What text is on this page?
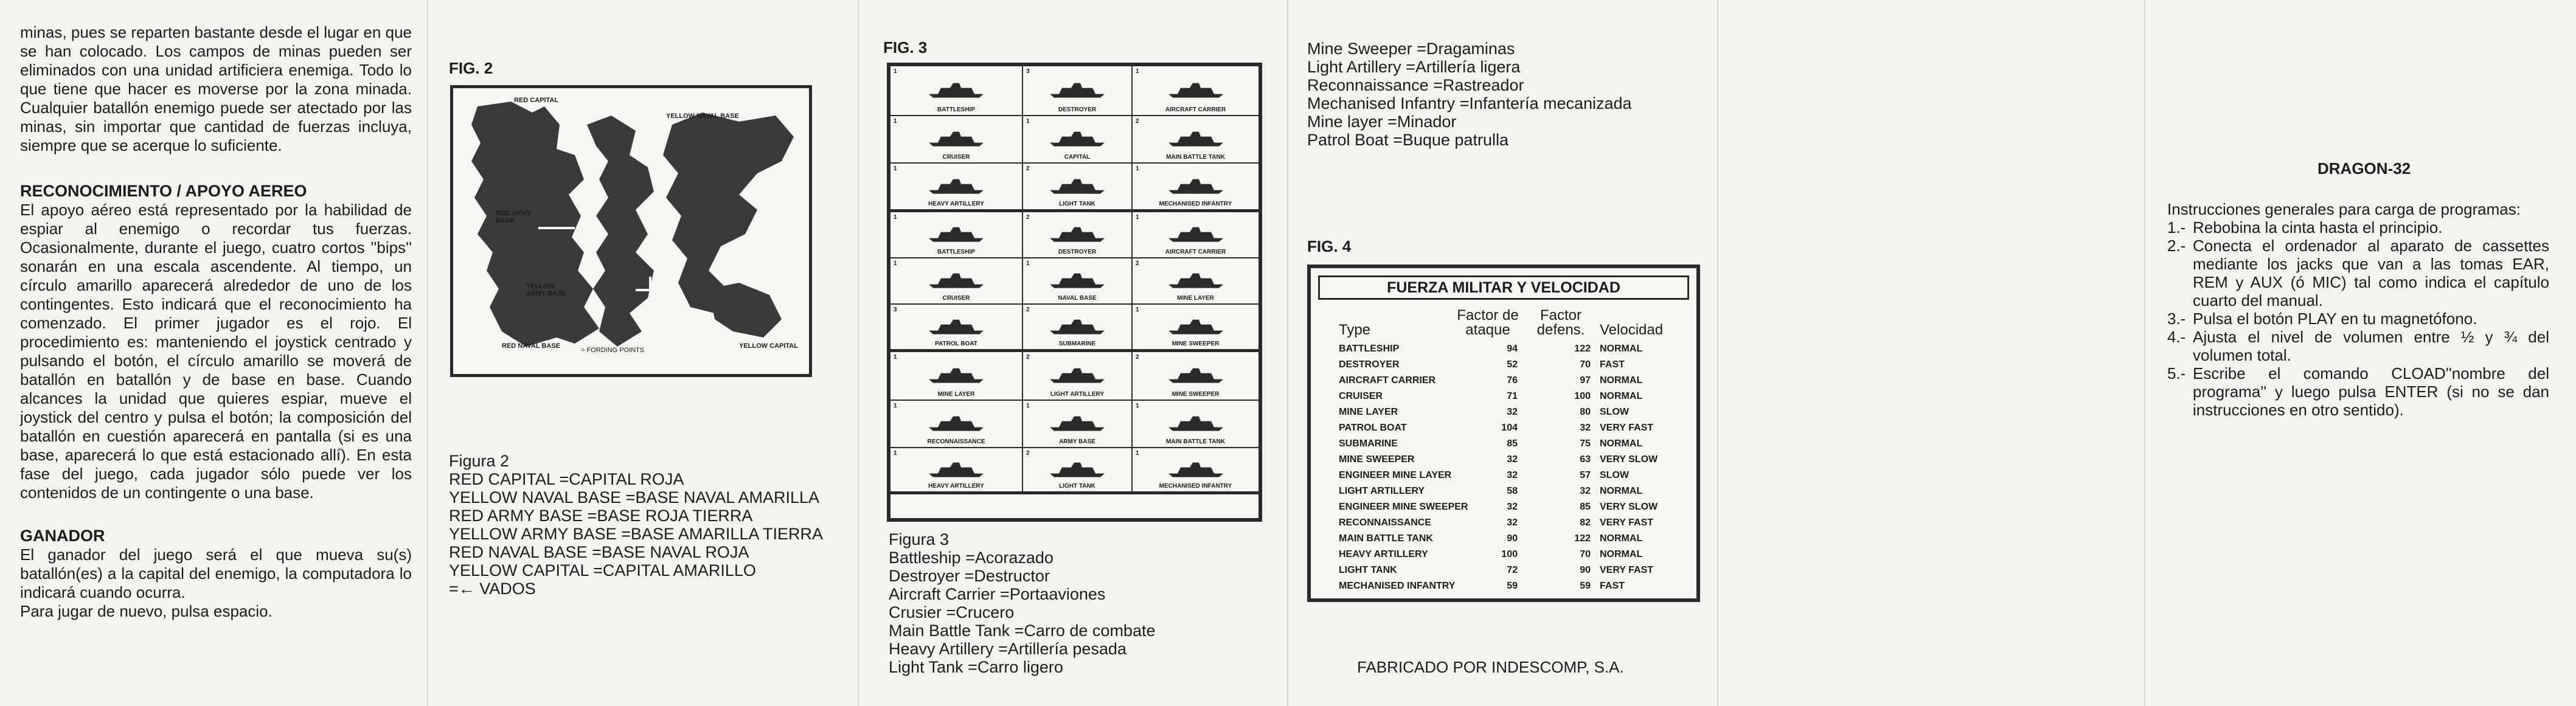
minas, pues se reparten bastante desde el lugar en que se han colocado. Los campos de minas pueden ser eliminados con una unidad artificiera enemiga. Todo lo que tiene que hacer es moverse por la zona minada. Cualquier batallón enemigo puede ser atectado por las minas, sin importar que cantidad de fuerzas incluya, siempre que se acerque lo suficiente.
RECONOCIMIENTO / APOYO AEREO
El apoyo aéreo está representado por la habilidad de espiar al enemigo o recordar tus fuerzas. Ocasionalmente, durante el juego, cuatro cortos ''bips'' sonarán en una escala ascendente. Al tiempo, un círculo amarillo aparecerá alrededor de uno de los contingentes. Esto indicará que el reconocimiento ha comenzado. El primer jugador es el rojo. El procedimiento es: manteniendo el joystick centrado y pulsando el botón, el círculo amarillo se moverá de batallón en batallón y de base en base. Cuando alcances la unidad que quieres espiar, mueve el joystick del centro y pulsa el botón; la composición del batallón en cuestión aparecerá en pantalla (si es una base, aparecerá lo que está estacionado allí). En esta fase del juego, cada jugador sólo puede ver los contenidos de un contingente o una base.
GANADOR
El ganador del juego será el que mueva su(s) batallón(es) a la capital del enemigo, la computadora lo indicará cuando ocurra.

Para jugar de nuevo, pulsa espacio.
FIG. 2
RED CAPITAL
YELLOW NAVAL BASE
RED ARMY BASE
YELLOW ARMY BASE
RED NAVAL BASE
= FORDING POINTS
YELLOW CAPITAL
Figura 2
RED CAPITAL =CAPITAL ROJA
YELLOW NAVAL BASE =BASE NAVAL AMARILLA
RED ARMY BASE =BASE ROJA TIERRA
YELLOW ARMY BASE =BASE AMARILLA TIERRA
RED NAVAL BASE =BASE NAVAL ROJA
YELLOW CAPITAL =CAPITAL AMARILLO
=← VADOS
FIG. 3
1
BATTLESHIP
3
DESTROYER
1
AIRCRAFT CARRIER
1
CRUISER
1
CAPITAL
2
MAIN BATTLE TANK
1
HEAVY ARTILLERY
2
LIGHT TANK
1
MECHANISED INFANTRY
1
BATTLESHIP
2
DESTROYER
1
AIRCRAFT CARRIER
1
CRUISER
1
NAVAL BASE
2
MINE LAYER
3
PATROL BOAT
2
SUBMARINE
1
MINE SWEEPER
1
MINE LAYER
2
LIGHT ARTILLERY
2
MINE SWEEPER
1
RECONNAISSANCE
1
ARMY BASE
1
MAIN BATTLE TANK
1
HEAVY ARTILLERY
2
LIGHT TANK
1
MECHANISED INFANTRY
Figura 3
Battleship =Acorazado
Destroyer =Destructor
Aircraft Carrier =Portaaviones
Crusier =Crucero
Main Battle Tank =Carro de combate
Heavy Artillery =Artillería pesada
Light Tank =Carro ligero
Mine Sweeper =Dragaminas
Light Artillery =Artillería ligera
Reconnaissance =Rastreador
Mechanised Infantry =Infantería mecanizada
Mine layer =Minador
Patrol Boat =Buque patrulla
FIG. 4
FUERZA MILITAR Y VELOCIDAD
Type
Factor de ataque
Factor defens. Velocidad
BATTLESHIP	94	122 NORMAL
DESTROYER	52	70 FAST
AIRCRAFT CARRIER	76	97 NORMAL
CRUISER	71	100 NORMAL
MINE LAYER	32	80 SLOW
PATROL BOAT	104	32 VERY FAST
SUBMARINE	85	75 NORMAL
MINE SWEEPER	32	63 VERY SLOW
ENGINEER MINE LAYER	32	57 SLOW
LIGHT ARTILLERY	58	32 NORMAL
ENGINEER MINE SWEEPER	32	85 VERY SLOW
RECONNAISSANCE	32	82 VERY FAST
MAIN BATTLE TANK	90	122 NORMAL
HEAVY ARTILLERY	100	70 NORMAL
LIGHT TANK	72	90 VERY FAST
MECHANISED INFANTRY	59	59 FAST
FABRICADO POR INDESCOMP, S.A.
DRAGON-32
Instrucciones generales para carga de programas:
1.- Rebobina la cinta hasta el principio.
2.- Conecta el ordenador al aparato de cassettes mediante los jacks que van a las tomas EAR, REM y AUX (ó MIC) tal como indica el capítulo cuarto del manual.
3.- Pulsa el botón PLAY en tu magnetófono.
4.- Ajusta el nivel de volumen entre ½ y ¾ del volumen total.
5.- Escribe el comando CLOAD''nombre del programa'' y luego pulsa ENTER (si no se dan instrucciones en otro sentido).
